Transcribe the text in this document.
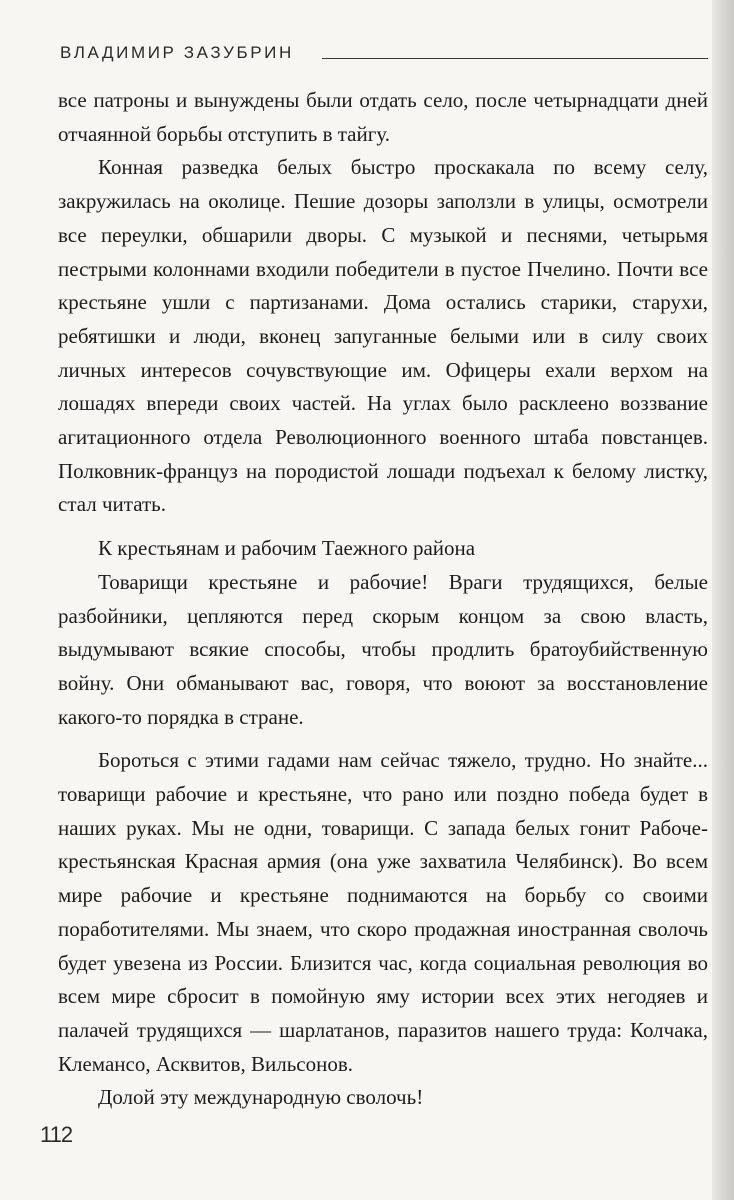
ВЛАДИМИР ЗАЗУБРИН

все патроны и вынуждены были отдать село, после четырнадцати дней отчаянной борьбы отступить в тайгу.

Конная разведка белых быстро проскакала по всему селу, закружилась на околице. Пешие дозоры заползли в улицы, осмотрели все переулки, обшарили дворы. С музыкой и песнями, четырьмя пестрыми колоннами входили победители в пустое Пчелино. Почти все крестьяне ушли с партизанами. Дома остались старики, старухи, ребятишки и люди, вконец запуганные белыми или в силу своих личных интересов сочувствующие им. Офицеры ехали верхом на лошадях впереди своих частей. На углах было расклеено воззвание агитационного отдела Революционного военного штаба повстанцев. Полковник-француз на породистой лошади подъехал к белому листку, стал читать.

К крестьянам и рабочим Таежного района

Товарищи крестьяне и рабочие! Враги трудящихся, белые разбойники, цепляются перед скорым концом за свою власть, выдумывают всякие способы, чтобы продлить братоубийственную войну. Они обманывают вас, говоря, что воюют за восстановление какого-то порядка в стране.

Бороться с этими гадами нам сейчас тяжело, трудно. Но знайте... товарищи рабочие и крестьяне, что рано или поздно победа будет в наших руках. Мы не одни, товарищи. С запада белых гонит Рабоче-крестьянская Красная армия (она уже захватила Челябинск). Во всем мире рабочие и крестьяне поднимаются на борьбу со своими поработителями. Мы знаем, что скоро продажная иностранная сволочь будет увезена из России. Близится час, когда социальная революция во всем мире сбросит в помойную яму истории всех этих негодяев и палачей трудящихся — шарлатанов, паразитов нашего труда: Колчака, Клемансо, Асквитов, Вильсонов.

Долой эту международную сволочь!

112
